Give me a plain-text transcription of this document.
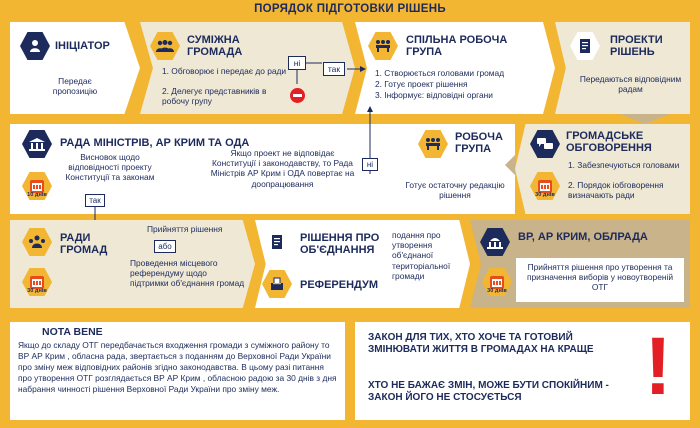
ПОРЯДОК ПІДГОТОВКИ РІШЕНЬ
ІНІЦІАТОР
Передає пропозицію
СУМІЖНА ГРОМАДА
1. Обговорює і передає до ради
2. Делегує представників в робочу групу
ні
так
СПІЛЬНА РОБОЧА ГРУПА
1. Створюється головами громад
2. Готує проект рішення
3. Інформує: відповідні органи
ПРОЕКТИ РІШЕНЬ
Передаються відповідним радам
ні
РАДА МІНІСТРІВ, АР КРИМ ТА ОДА
Висновок щодо відповідності проекту Конституції та законам
10 днів
Якщо проект не відповідає Конституції і законодавству, то Рада Міністрів АР Крим і ОДА повертає на доопрацювання
РОБОЧА ГРУПА
Готує остаточну редакцію рішення
ГРОМАДСЬКЕ ОБГОВОРЕННЯ
30 днів
1. Забезпечуються головами
2. Порядок іобговорення визначають ради
так
РАДИ ГРОМАД
30 днів
Прийняття рішення
або
Проведення місцевого референдуму щодо підтримки об'єднання громад
РІШЕННЯ ПРО ОБ'ЄДНАННЯ
подання про утворення об'єднаної територіальної громади
РЕФЕРЕНДУМ
ВР, АР КРИМ, ОБЛРАДА
30 днів
Прийняття рішення про утворення та призначення виборів у новоутвореній ОТГ
NOTA BENE
Якщо до складу ОТГ передбачається входження громади з суміжного району то ВР АР Крим , обласна рада, звертається з поданням до Верховної Ради України про зміну меж відповідних районів згідно законодавства. В цьому разі питання про утворення ОТГ розглядається ВР АР Крим , обласною радою за 30 днів з дня набрання чинності рішення Верховної Ради України про зміну меж.
ЗАКОН ДЛЯ ТИХ, ХТО ХОЧЕ ТА ГОТОВИЙ ЗМІНЮВАТИ ЖИТТЯ В ГРОМАДАХ НА КРАЩЕ
ХТО НЕ БАЖАЄ ЗМІН, МОЖЕ БУТИ СПОКІЙНИМ - ЗАКОН ЙОГО НЕ СТОСУЄТЬСЯ	!
